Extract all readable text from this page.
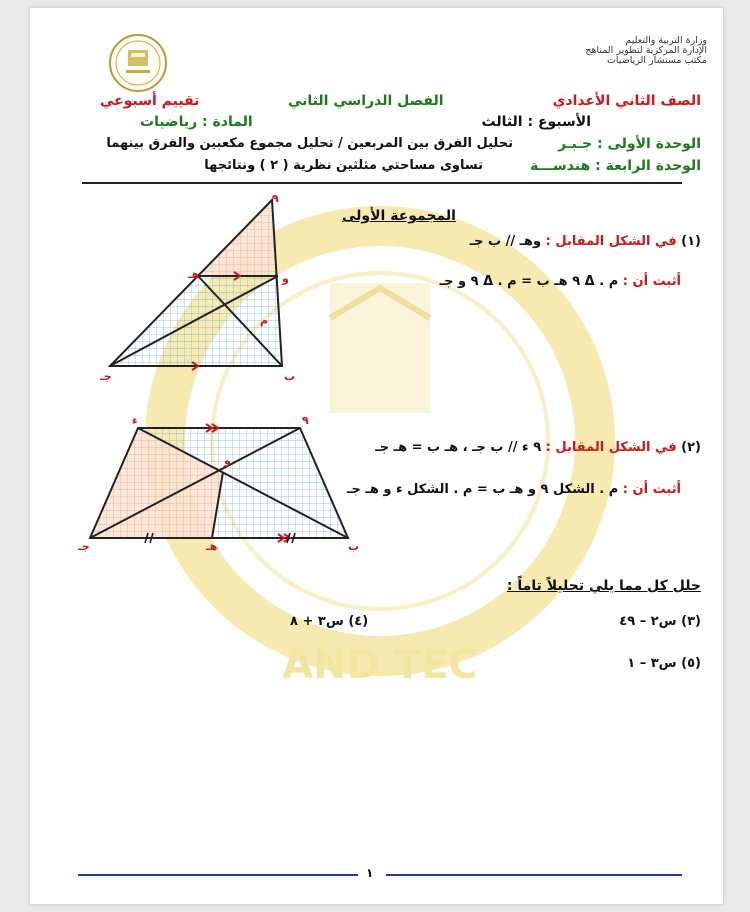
AND TEC
وزارة التربية والتعليم
الإدارة المركزية لتطوير المناهج
مكتب مستشار الرياضيات
الصف الثاني الأعدادي
الفصل الدراسي الثاني
تقييم أسبوعي
الأسبوع : الثالث
المادة : رياضيات
الوحدة الأولى : جـبـر
تحليل الفرق بين المربعين / تحليل مجموع مكعبين والفرق بينهما
الوحدة الرابعة : هندســـة
تساوى مساحتي مثلثين نظرية ( ٢ ) ونتائجها
المجموعة الأولى
(١) في الشكل المقابل : وهـ // ب جـ
أثبت أن : م . Δ ٩ هـ ب = م . Δ ٩ و جـ
٩
هـ	و
م
جـ	ب
(٢) في الشكل المقابل : ٩ ء // ب جـ ، هـ ب = هـ جـ
أثبت أن : م . الشكل ٩ و هـ ب = م . الشكل ء و هـ جـ
ء	٩
و
جـ	هـ	ب
حلل كل مما يلي تحليلاً تاماً :
(٣) س٢ – ٤٩
(٤) س٣ + ٨
(٥) س٣ – ١
١
